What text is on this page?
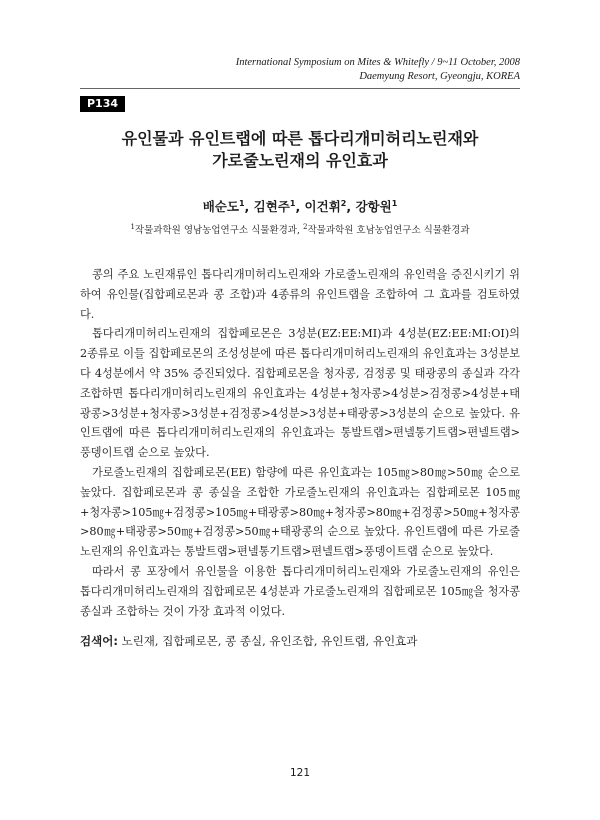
International Symposium on Mites & Whitefly / 9~11 October, 2008
Daemyung Resort, Gyeongju, KOREA
P134
유인물과 유인트랩에 따른 톱다리개미허리노린재와
가로줄노린재의 유인효과
배순도$^1$, 김현주$^1$, 이건휘$^2$, 강항원$^1$
$^1$작물과학원 영남농업연구소 식물환경과, $^2$작물과학원 호남농업연구소 식물환경과

콩의 주요 노린재류인 톱다리개미허리노린재와 가로줄노린재의 유인력을 증진시키기 위하여 유인물(집합페로몬과 콩 조합)과 4종류의 유인트랩을 조합하여 그 효과를 검토하였다.

톱다리개미허리노린재의 집합페로몬은 3성분(EZ:EE:MI)과 4성분(EZ:EE:MI:OI)의 2종류로 이들 집합페로몬의 조성성분에 따른 톱다리개미허리노린재의 유인효과는 3성분보다 4성분에서 약 35% 증진되었다. 집합페로몬을 청자콩, 검정콩 및 태광콩의 종실과 각각 조합하면 톱다리개미허리노린재의 유인효과는 4성분+청자콩>4성분>검정콩>4성분+태광콩>3성분+청자콩>3성분+검정콩>4성분>3성분+태광콩>3성분의 순으로 높았다. 유인트랩에 따른 톱다리개미허리노린재의 유인효과는 통발트랩>편넬통기트랩>편넬트랩>풍뎅이트랩 순으로 높았다.

가로줄노린재의 집합페로몬(EE) 함량에 따른 유인효과는 105㎎>80㎎>50㎎ 순으로 높았다. 집합페로몬과 콩 종실을 조합한 가로줄노린재의 유인효과는 집합페로몬 105㎎+청자콩>105㎎+검정콩>105㎎+태광콩>80㎎+청자콩>80㎎+검정콩>50㎎+청자콩>80㎎+태광콩>50㎎+검정콩>50㎎+태광콩의 순으로 높았다. 유인트랩에 따른 가로줄노린재의 유인효과는 통발트랩>편넬통기트랩>편넬트랩>풍뎅이트랩 순으로 높았다.

따라서 콩 포장에서 유인물을 이용한 톱다리개미허리노린재와 가로줄노린재의 유인은 톱다리개미허리노린재의 집합페로몬 4성분과 가로줄노린재의 집합페로몬 105㎎을 청자콩 종실과 조합하는 것이 가장 효과적 이었다.

검색어: 노린재, 집합페로몬, 콩 종실, 유인조합, 유인트랩, 유인효과
121
